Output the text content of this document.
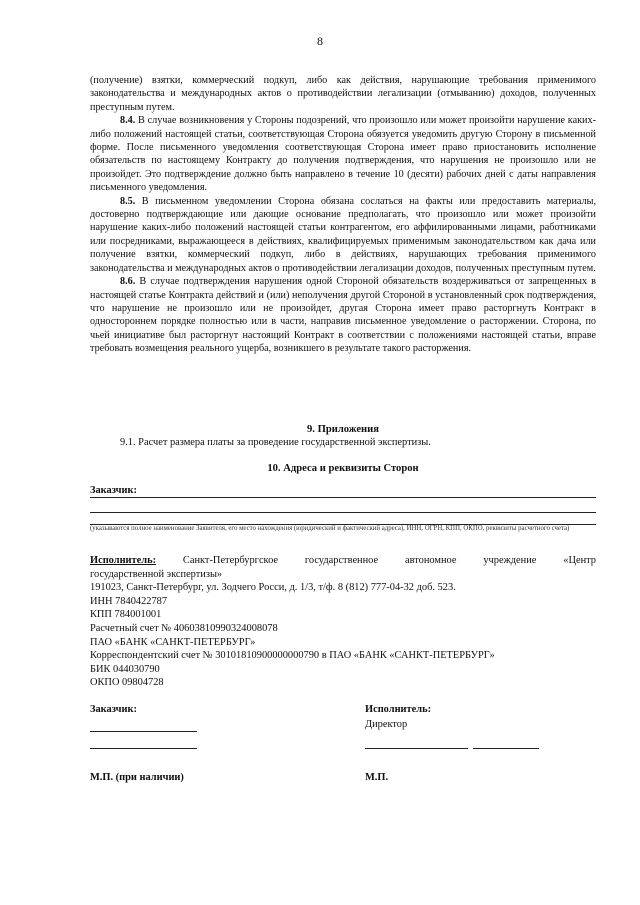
8

(получение) взятки, коммерческий подкуп, либо как действия, нарушающие требования применимого законодательства и международных актов о противодействии легализации (отмыванию) доходов, полученных преступным путем.

8.4. В случае возникновения у Стороны подозрений, что произошло или может произойти нарушение каких-либо положений настоящей статьи, соответствующая Сторона обязуется уведомить другую Сторону в письменной форме. После письменного уведомления соответствующая Сторона имеет право приостановить исполнение обязательств по настоящему Контракту до получения подтверждения, что нарушения не произошло или не произойдет. Это подтверждение должно быть направлено в течение 10 (десяти) рабочих дней с даты направления письменного уведомления.

8.5. В письменном уведомлении Сторона обязана сослаться на факты или предоставить материалы, достоверно подтверждающие или дающие основание предполагать, что произошло или может произойти нарушение каких-либо положений настоящей статьи контрагентом, его аффилированными лицами, работниками или посредниками, выражающееся в действиях, квалифицируемых применимым законодательством как дача или получение взятки, коммерческий подкуп, либо в действиях, нарушающих требования применимого законодательства и международных актов о противодействии легализации доходов, полученных преступным путем.

8.6. В случае подтверждения нарушения одной Стороной обязательств воздерживаться от запрещенных в настоящей статье Контракта действий и (или) неполучения другой Стороной в установленный срок подтверждения, что нарушение не произошло или не произойдет, другая Сторона имеет право расторгнуть Контракт в одностороннем порядке полностью или в части, направив письменное уведомление о расторжении. Сторона, по чьей инициативе был расторгнут настоящий Контракт в соответствии с положениями настоящей статьи, вправе требовать возмещения реального ущерба, возникшего в результате такого расторжения.

9. Приложения
9.1. Расчет размера платы за проведение государственной экспертизы.
10. Адреса и реквизиты Сторон
Заказчик:
(указываются полное наименование Заявителя, его место нахождения (юридический и фактический адреса), ИНН, ОГРН, КПП, ОКПО, реквизиты расчетного счета)

Исполнитель: Санкт-Петербургское государственное автономное учреждение «Центр

государственной экспертизы»

191023, Санкт-Петербург, ул. Зодчего Росси, д. 1/3, т/ф. 8 (812) 777-04-32 доб. 523.

ИНН 7840422787

КПП 784001001

Расчетный счет № 40603810990324008078

ПАО «БАНК «САНКТ-ПЕТЕРБУРГ»

Корреспондентский счет № 30101810900000000790 в ПАО «БАНК «САНКТ-ПЕТЕРБУРГ»

БИК 044030790

ОКПО 09804728

Заказчик:	Исполнитель:
Директор
М.П. (при наличии)	М.П.
